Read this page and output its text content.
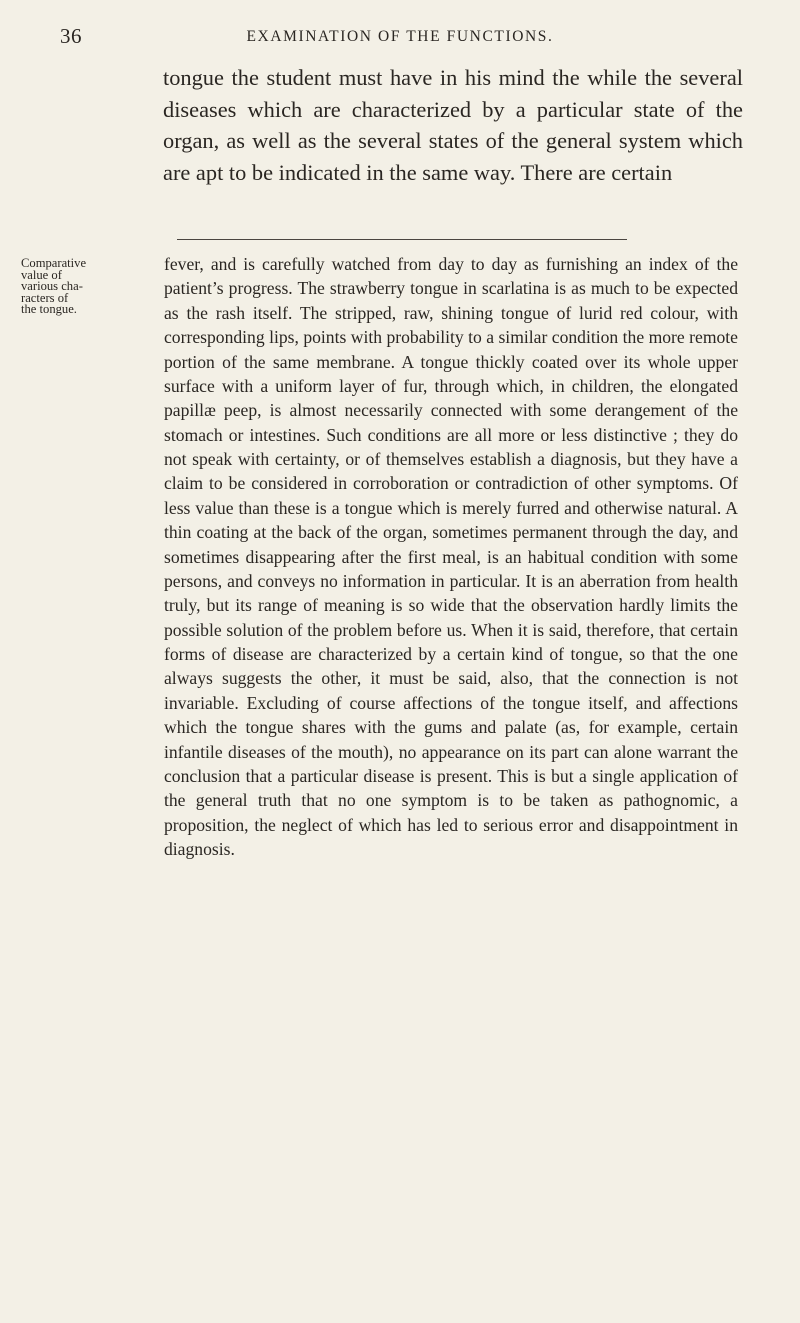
36	EXAMINATION OF THE FUNCTIONS.

tongue the student must have in his mind the while the several diseases which are characterized by a particular state of the organ, as well as the several states of the general system which are apt to be indicated in the same way. There are certain

Comparative
value of
various cha-
racters of
the tongue.

fever, and is carefully watched from day to day as furnishing an index of the patient’s progress. The strawberry tongue in scarlatina is as much to be expected as the rash itself. The stripped, raw, shining tongue of lurid red colour, with corresponding lips, points with probability to a similar condition the more remote portion of the same membrane. A tongue thickly coated over its whole upper surface with a uniform layer of fur, through which, in children, the elongated papillæ peep, is almost necessarily connected with some derangement of the stomach or intestines. Such conditions are all more or less distinctive ; they do not speak with certainty, or of themselves establish a diagnosis, but they have a claim to be considered in corroboration or contradiction of other symptoms. Of less value than these is a tongue which is merely furred and otherwise natural. A thin coating at the back of the organ, sometimes permanent through the day, and sometimes disappearing after the first meal, is an habitual condition with some persons, and conveys no information in particular. It is an aberration from health truly, but its range of meaning is so wide that the observation hardly limits the possible solution of the problem before us. When it is said, therefore, that certain forms of disease are characterized by a certain kind of tongue, so that the one always suggests the other, it must be said, also, that the connection is not invariable. Excluding of course affections of the tongue itself, and affections which the tongue shares with the gums and palate (as, for example, certain infantile diseases of the mouth), no appearance on its part can alone warrant the conclusion that a particular disease is present. This is but a single application of the general truth that no one symptom is to be taken as pathognomic, a proposition, the neglect of which has led to serious error and disappointment in diagnosis.
